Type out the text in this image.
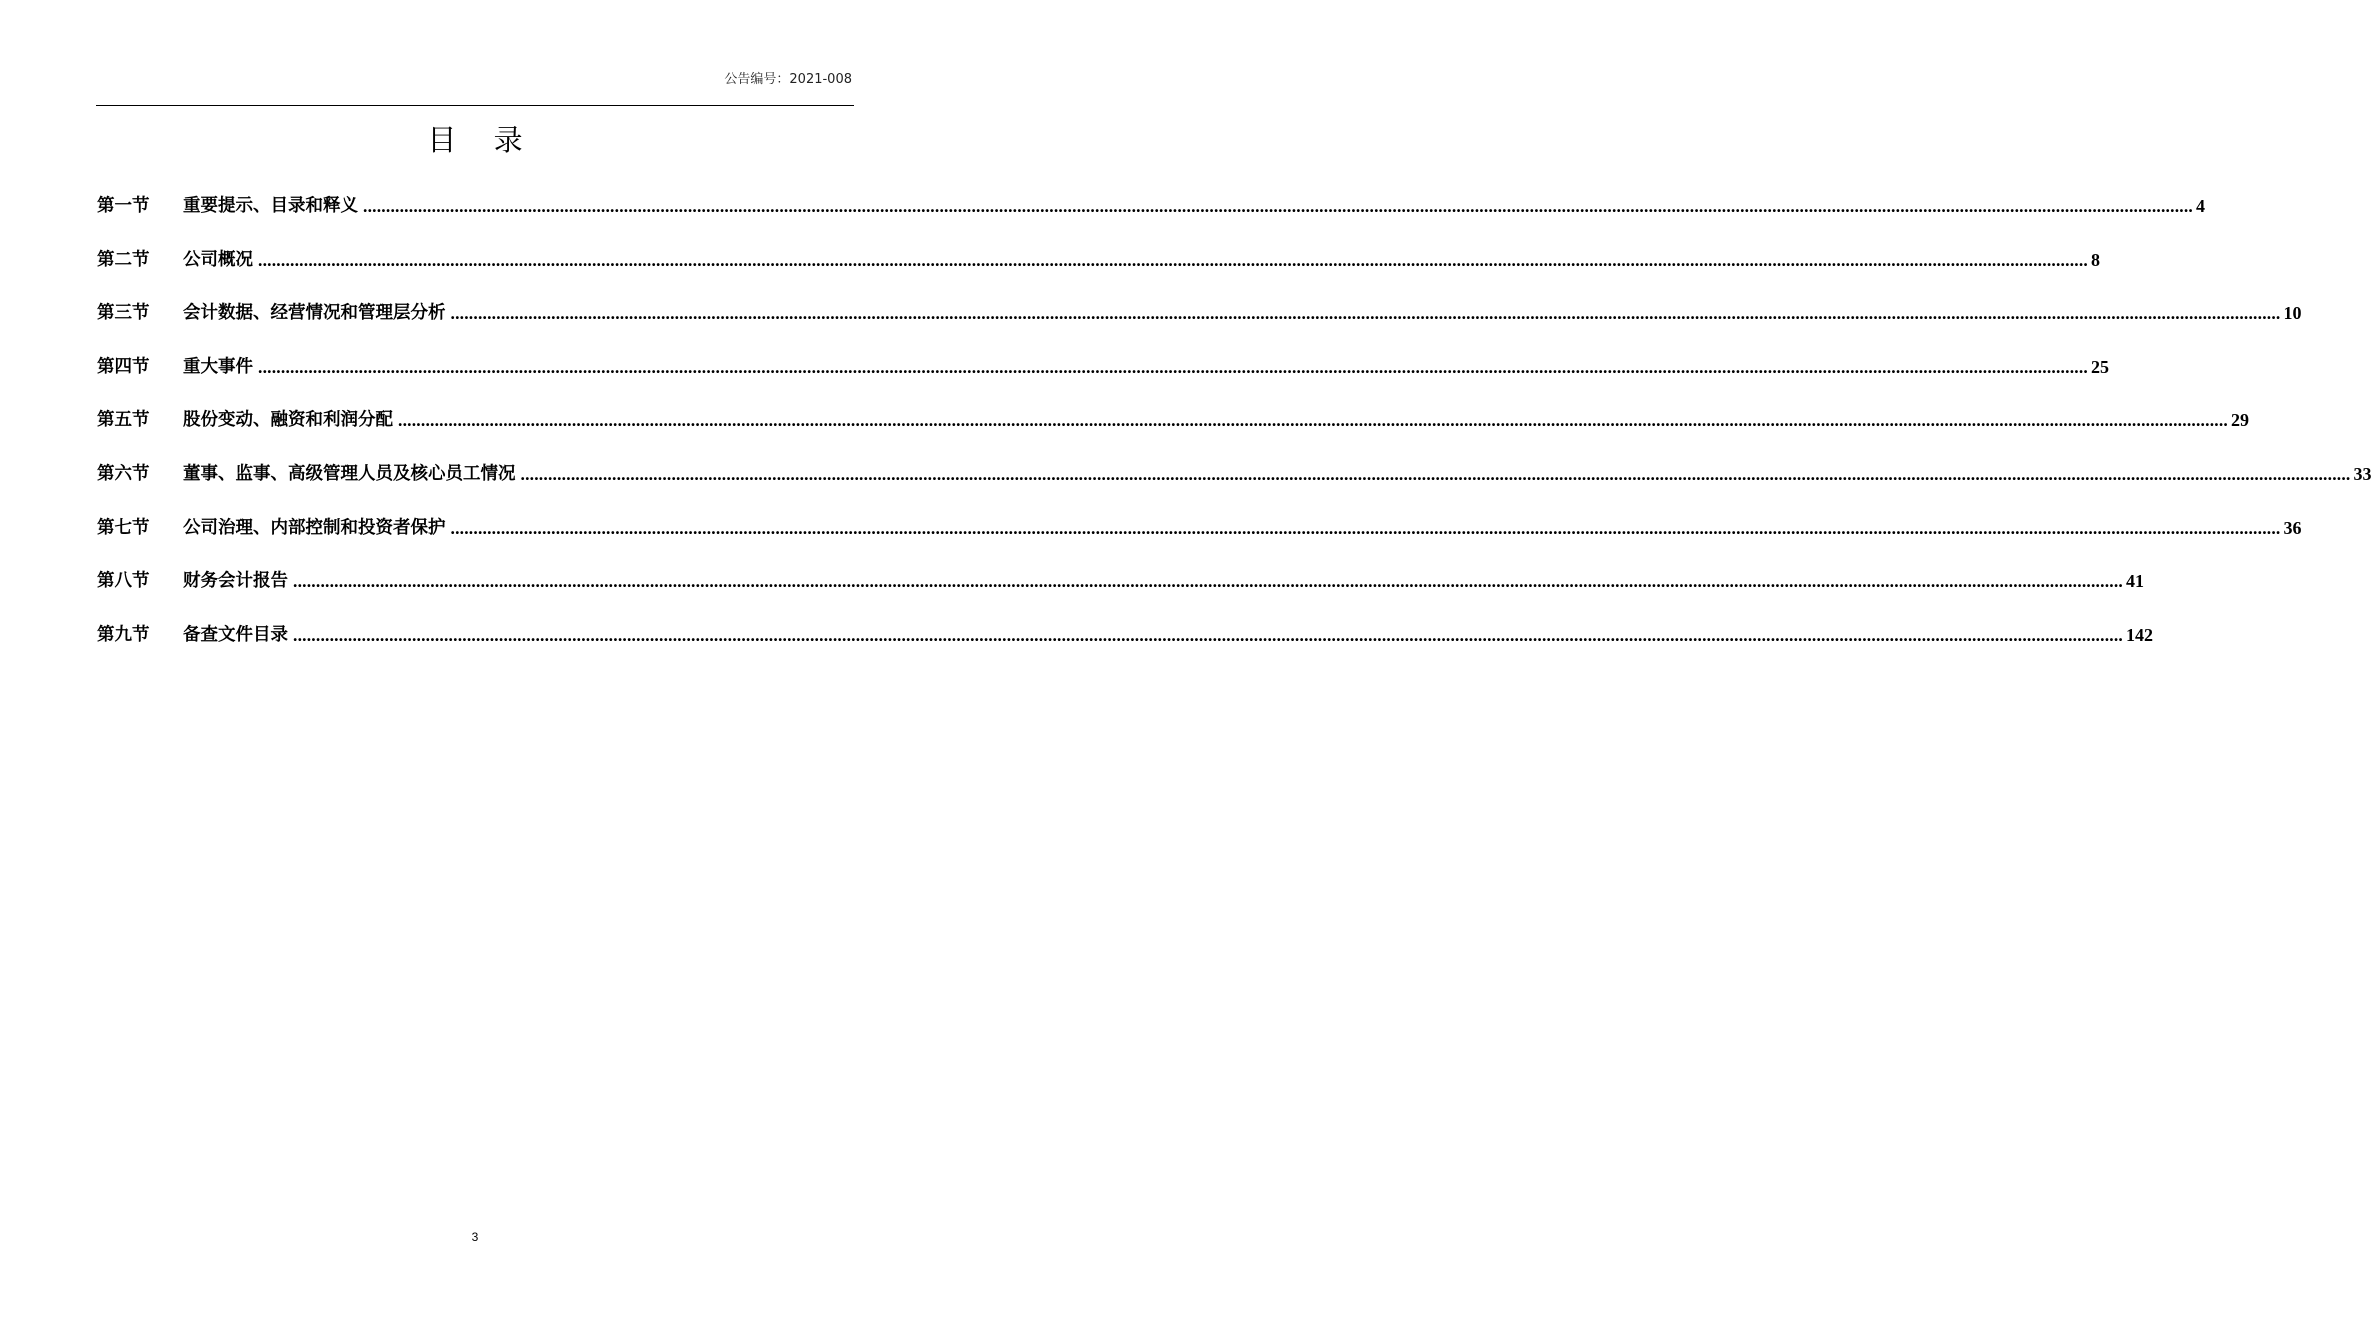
公告编号：2021-008
目 录
第一节	重要提示、目录和释义 ................................................................................................................................................................................................................................................................................................................................................................................................................ 4
第二节	公司概况 ................................................................................................................................................................................................................................................................................................................................................................................................................ 8
第三节	会计数据、经营情况和管理层分析 ................................................................................................................................................................................................................................................................................................................................................................................................................ 10
第四节	重大事件 ................................................................................................................................................................................................................................................................................................................................................................................................................ 25
第五节	股份变动、融资和利润分配 ................................................................................................................................................................................................................................................................................................................................................................................................................ 29
第六节	董事、监事、高级管理人员及核心员工情况 ................................................................................................................................................................................................................................................................................................................................................................................................................ 33
第七节	公司治理、内部控制和投资者保护 ................................................................................................................................................................................................................................................................................................................................................................................................................ 36
第八节	财务会计报告 ................................................................................................................................................................................................................................................................................................................................................................................................................ 41
第九节	备查文件目录 ................................................................................................................................................................................................................................................................................................................................................................................................................ 142
3
